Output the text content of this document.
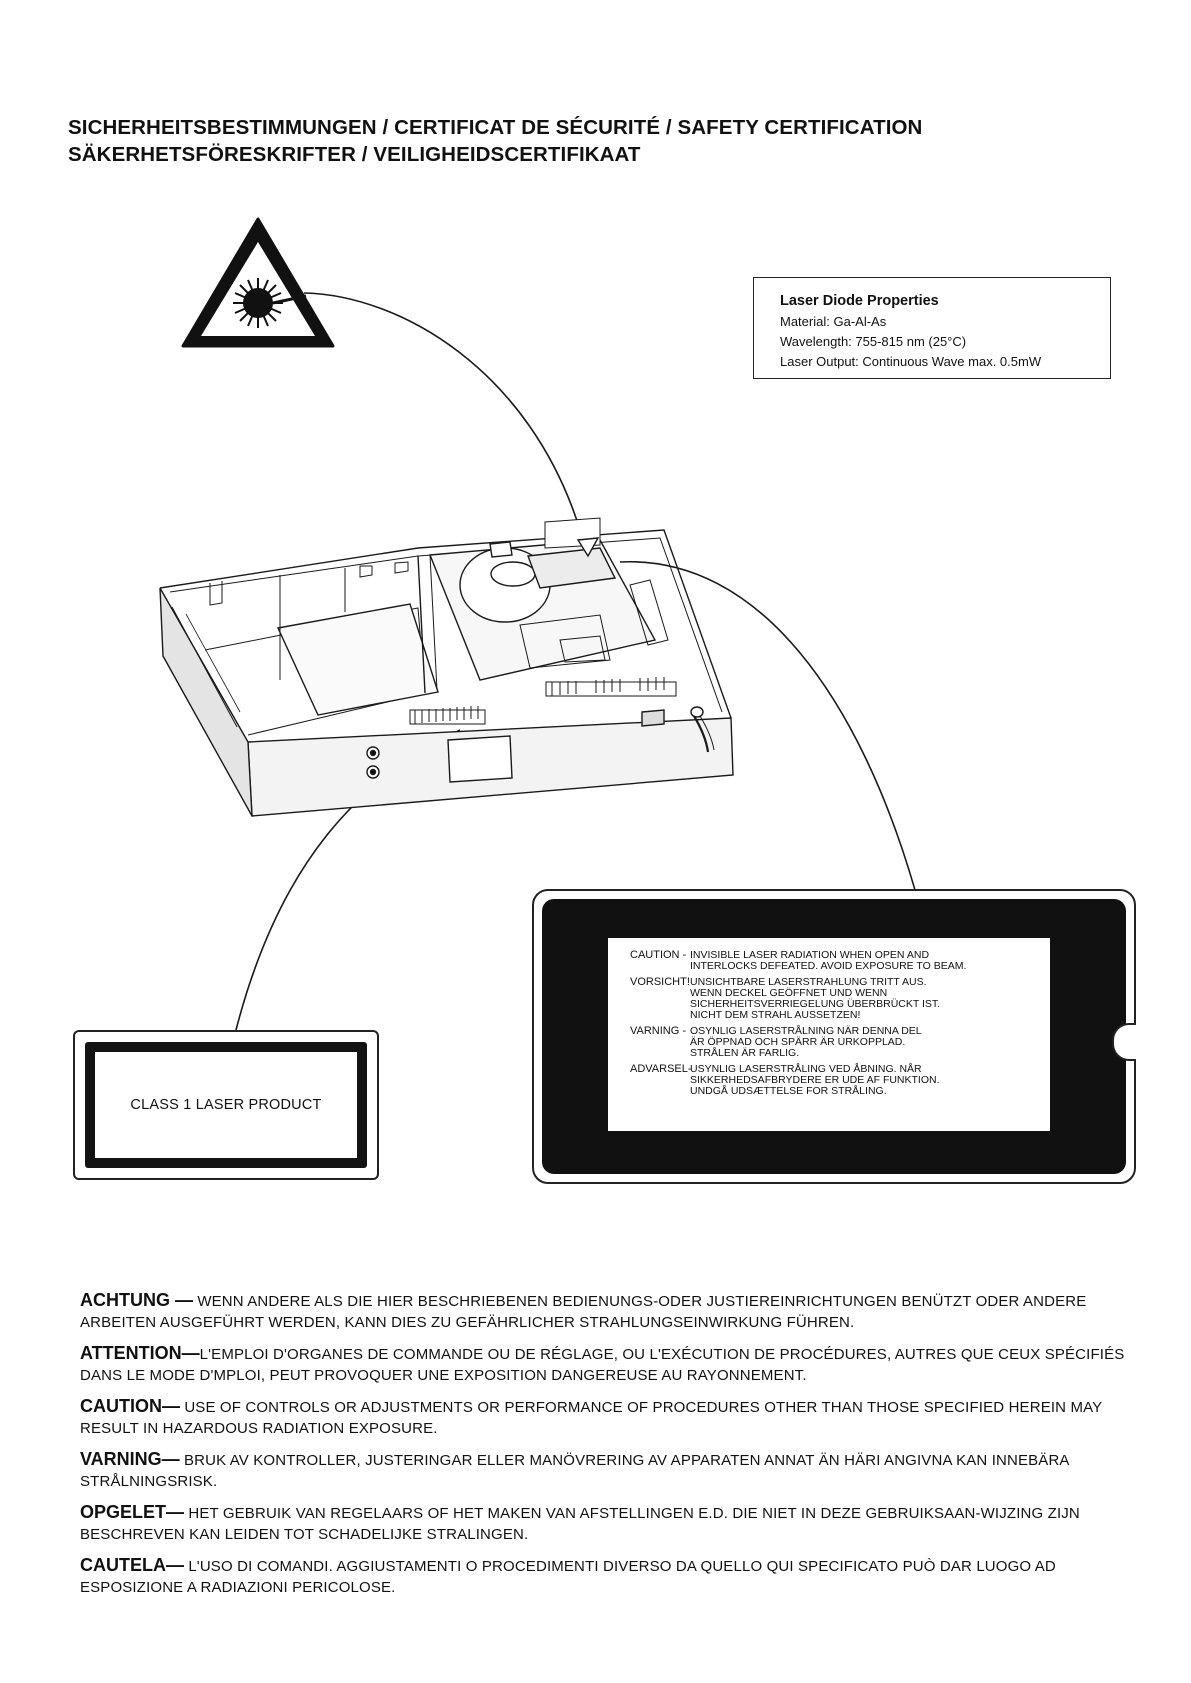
SICHERHEITSBESTIMMUNGEN / CERTIFICAT DE SÉCURITÉ / SAFETY CERTIFICATION
SÄKERHETSFÖRESKRIFTER / VEILIGHEIDSCERTIFIKAAT
Laser Diode Properties
Material: Ga-Al-As
Wavelength: 755-815 nm (25°C)
Laser Output: Continuous Wave max. 0.5mW
CLASS 1 LASER PRODUCT
CAUTION - INVISIBLE LASER RADIATION WHEN OPEN AND
INTERLOCKS DEFEATED. AVOID EXPOSURE TO BEAM.
VORSICHT! UNSICHTBARE LASERSTRAHLUNG TRITT AUS.
WENN DECKEL GEÖFFNET UND WENN
SICHERHEITSVERRIEGELUNG ÜBERBRÜCKT IST.
NICHT DEM STRAHL AUSSETZEN!
VARNING - OSYNLIG LASERSTRÅLNING NÄR DENNA DEL
ÄR ÖPPNAD OCH SPÄRR ÄR URKOPPLAD.
STRÅLEN ÄR FARLIG.
ADVARSEL-
USYNLIG LASERSTRÅLING VED ÅBNING. NÅR
SIKKERHEDSAFBRYDERE ER UDE AF FUNKTION.
UNDGÅ UDSÆTTELSE FOR STRÅLING.
ACHTUNG — WENN ANDERE ALS DIE HIER BESCHRIEBENEN BEDIENUNGS-ODER JUSTIEREINRICHTUNGEN BENÜTZT ODER ANDERE ARBEITEN AUSGEFÜHRT WERDEN, KANN DIES ZU GEFÄHRLICHER STRAHLUNGSEINWIRKUNG FÜHREN.
ATTENTION—L'EMPLOI D'ORGANES DE COMMANDE OU DE RÉGLAGE, OU L'EXÉCUTION DE PROCÉDURES, AUTRES QUE CEUX SPÉCIFIÉS DANS LE MODE D'MPLOI, PEUT PROVOQUER UNE EXPOSITION DANGEREUSE AU RAYONNEMENT.
CAUTION— USE OF CONTROLS OR ADJUSTMENTS OR PERFORMANCE OF PROCEDURES OTHER THAN THOSE SPECIFIED HEREIN MAY RESULT IN HAZARDOUS RADIATION EXPOSURE.
VARNING— BRUK AV KONTROLLER, JUSTERINGAR ELLER MANÖVRERING AV APPARATEN ANNAT ÄN HÄRI ANGIVNA KAN INNEBÄRA STRÅLNINGSRISK.
OPGELET— HET GEBRUIK VAN REGELAARS OF HET MAKEN VAN AFSTELLINGEN E.D. DIE NIET IN DEZE GEBRUIKSAAN-WIJZING ZIJN BESCHREVEN KAN LEIDEN TOT SCHADELIJKE STRALINGEN.
CAUTELA— L'USO DI COMANDI. AGGIUSTAMENTI O PROCEDIMENTI DIVERSO DA QUELLO QUI SPECIFICATO PUÒ DAR LUOGO AD ESPOSIZIONE A RADIAZIONI PERICOLOSE.
